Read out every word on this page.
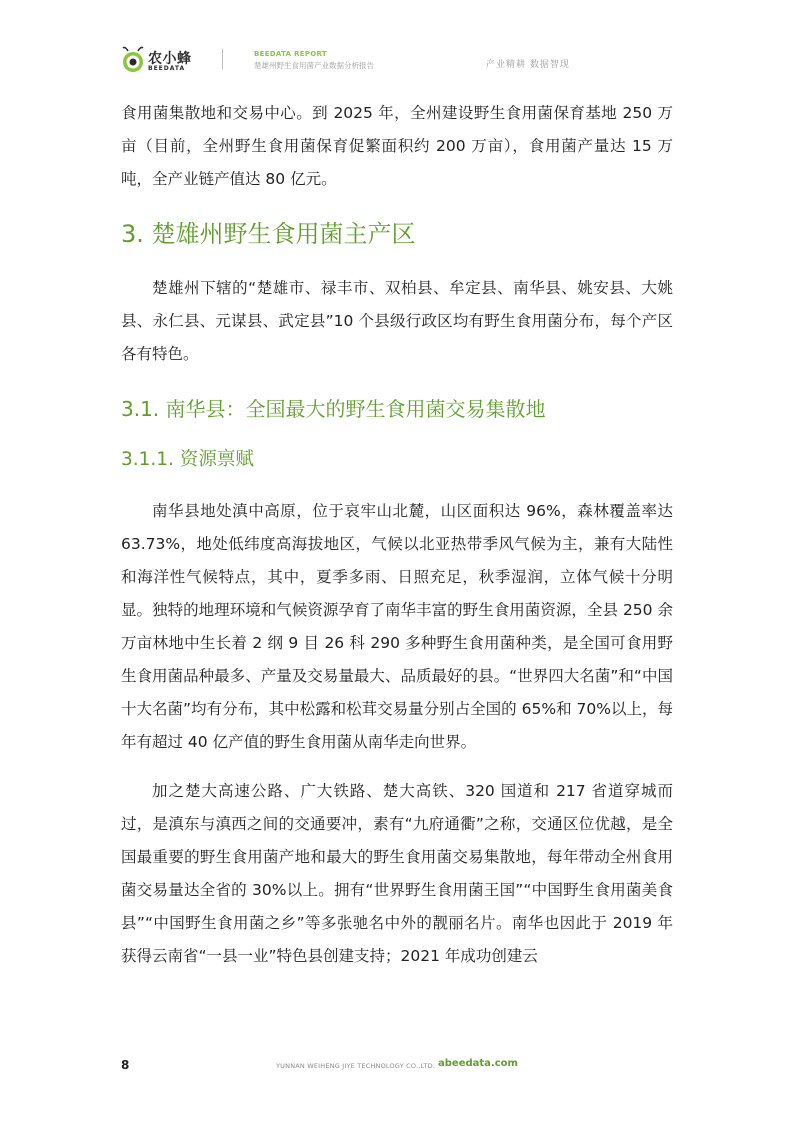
农小蜂
BEEDATA
BEEDATA REPORT
楚雄州野生食用菌产业数据分析报告	产业精耕 数据智现

食用菌集散地和交易中心。到 2025 年，全州建设野生食用菌保育基地 250 万亩（目前，全州野生食用菌保育促繁面积约 200 万亩），食用菌产量达 15 万吨，全产业链产值达 80 亿元。

3. 楚雄州野生食用菌主产区

楚雄州下辖的“楚雄市、禄丰市、双柏县、牟定县、南华县、姚安县、大姚县、永仁县、元谋县、武定县”10 个县级行政区均有野生食用菌分布，每个产区各有特色。

3.1. 南华县：全国最大的野生食用菌交易集散地
3.1.1. 资源禀赋

南华县地处滇中高原，位于哀牢山北麓，山区面积达 96%，森林覆盖率达 63.73%，地处低纬度高海拔地区，气候以北亚热带季风气候为主，兼有大陆性和海洋性气候特点，其中，夏季多雨、日照充足，秋季湿润，立体气候十分明显。独特的地理环境和气候资源孕育了南华丰富的野生食用菌资源，全县 250 余万亩林地中生长着 2 纲 9 目 26 科 290 多种野生食用菌种类，是全国可食用野生食用菌品种最多、产量及交易量最大、品质最好的县。“世界四大名菌”和“中国十大名菌”均有分布，其中松露和松茸交易量分别占全国的 65%和 70%以上，每年有超过 40 亿产值的野生食用菌从南华走向世界。

加之楚大高速公路、广大铁路、楚大高铁、320 国道和 217 省道穿城而过，是滇东与滇西之间的交通要冲，素有“九府通衢”之称，交通区位优越，是全国最重要的野生食用菌产地和最大的野生食用菌交易集散地，每年带动全州食用菌交易量达全省的 30%以上。拥有“世界野生食用菌王国”“中国野生食用菌美食县”“中国野生食用菌之乡”等多张驰名中外的靓丽名片。南华也因此于 2019 年获得云南省“一县一业”特色县创建支持；2021 年成功创建云

8	YUNNAN WEIHENG JIYE TECHNOLOGY CO.,LTD. abeedata.com
